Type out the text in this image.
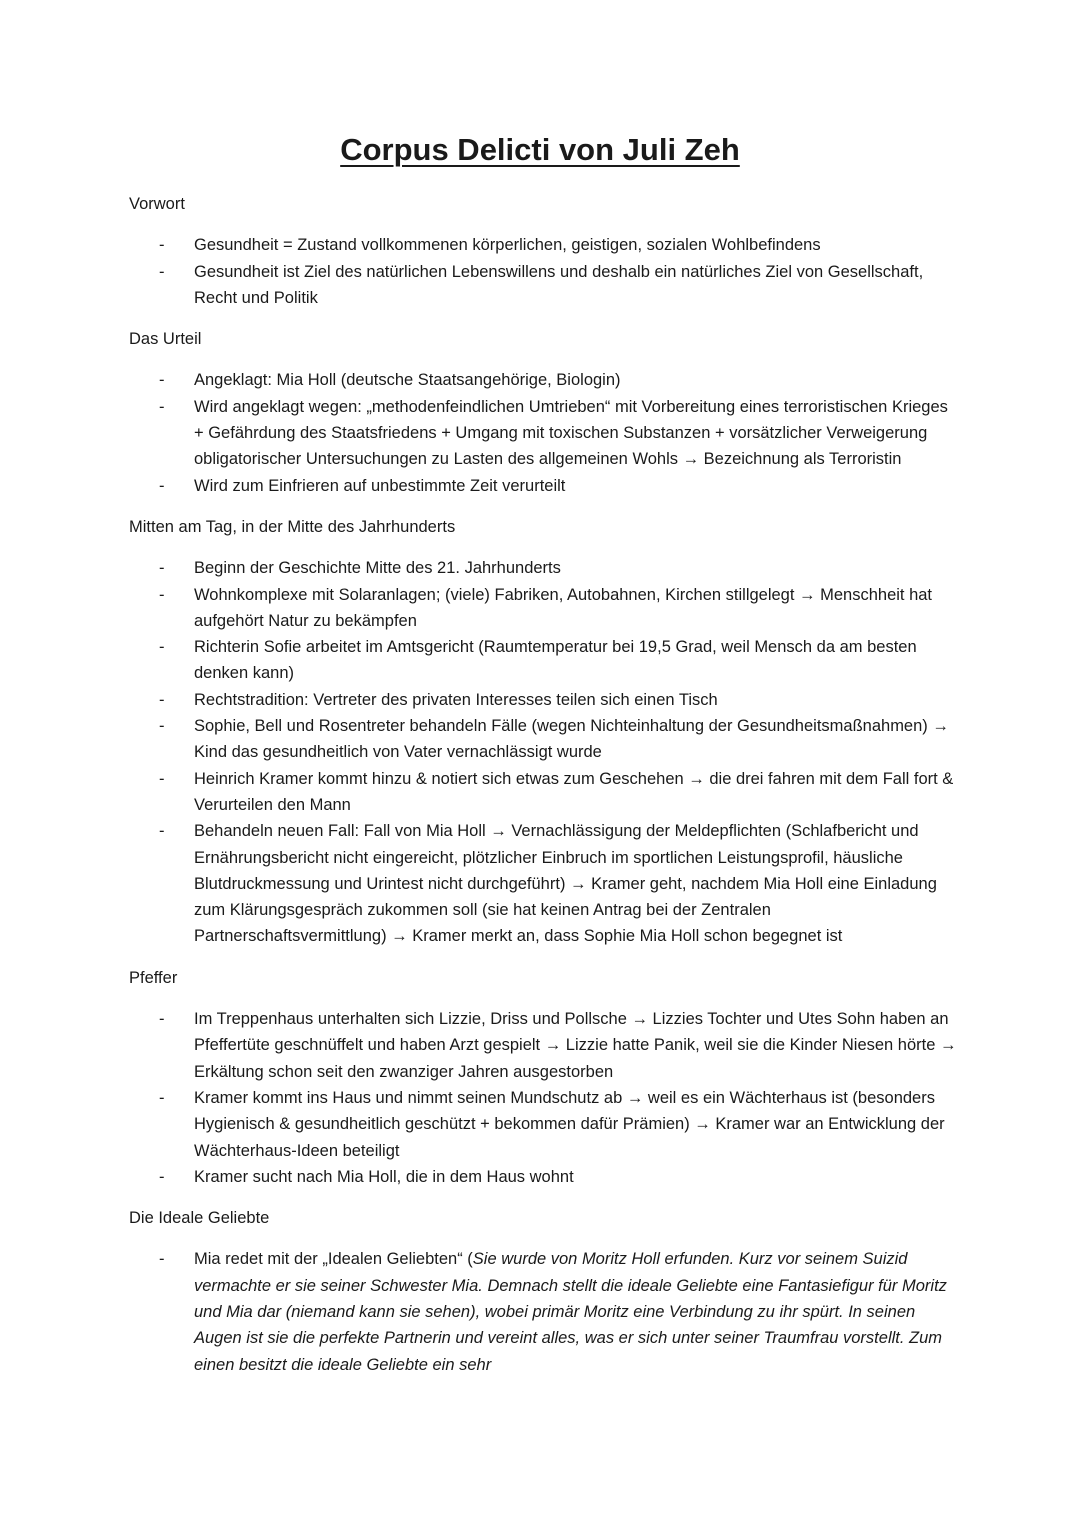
Corpus Delicti von Juli Zeh
Vorwort
- Gesundheit = Zustand vollkommenen körperlichen, geistigen, sozialen Wohlbefindens
- Gesundheit ist Ziel des natürlichen Lebenswillens und deshalb ein natürliches Ziel von Gesellschaft, Recht und Politik
Das Urteil
- Angeklagt: Mia Holl (deutsche Staatsangehörige, Biologin)
- Wird angeklagt wegen: „methodenfeindlichen Umtrieben“ mit Vorbereitung eines terroristischen Krieges + Gefährdung des Staatsfriedens + Umgang mit toxischen Substanzen + vorsätzlicher Verweigerung obligatorischer Untersuchungen zu Lasten des allgemeinen Wohls → Bezeichnung als Terroristin
- Wird zum Einfrieren auf unbestimmte Zeit verurteilt
Mitten am Tag, in der Mitte des Jahrhunderts
- Beginn der Geschichte Mitte des 21. Jahrhunderts
- Wohnkomplexe mit Solaranlagen; (viele) Fabriken, Autobahnen, Kirchen stillgelegt → Menschheit hat aufgehört Natur zu bekämpfen
- Richterin Sofie arbeitet im Amtsgericht (Raumtemperatur bei 19,5 Grad, weil Mensch da am besten denken kann)
- Rechtstradition: Vertreter des privaten Interesses teilen sich einen Tisch
- Sophie, Bell und Rosentreter behandeln Fälle (wegen Nichteinhaltung der Gesundheitsmaßnahmen) → Kind das gesundheitlich von Vater vernachlässigt wurde
- Heinrich Kramer kommt hinzu & notiert sich etwas zum Geschehen → die drei fahren mit dem Fall fort & Verurteilen den Mann
- Behandeln neuen Fall: Fall von Mia Holl → Vernachlässigung der Meldepflichten (Schlafbericht und Ernährungsbericht nicht eingereicht, plötzlicher Einbruch im sportlichen Leistungsprofil, häusliche Blutdruckmessung und Urintest nicht durchgeführt) → Kramer geht, nachdem Mia Holl eine Einladung zum Klärungsgespräch zukommen soll (sie hat keinen Antrag bei der Zentralen Partnerschaftsvermittlung) → Kramer merkt an, dass Sophie Mia Holl schon begegnet ist
Pfeffer
- Im Treppenhaus unterhalten sich Lizzie, Driss und Pollsche → Lizzies Tochter und Utes Sohn haben an Pfeffertüte geschnüffelt und haben Arzt gespielt → Lizzie hatte Panik, weil sie die Kinder Niesen hörte → Erkältung schon seit den zwanziger Jahren ausgestorben
- Kramer kommt ins Haus und nimmt seinen Mundschutz ab → weil es ein Wächterhaus ist (besonders Hygienisch & gesundheitlich geschützt + bekommen dafür Prämien) → Kramer war an Entwicklung der Wächterhaus-Ideen beteiligt
- Kramer sucht nach Mia Holl, die in dem Haus wohnt
Die Ideale Geliebte
- Mia redet mit der „Idealen Geliebten“ (Sie wurde von Moritz Holl erfunden. Kurz vor seinem Suizid vermachte er sie seiner Schwester Mia. Demnach stellt die ideale Geliebte eine Fantasiefigur für Moritz und Mia dar (niemand kann sie sehen), wobei primär Moritz eine Verbindung zu ihr spürt. In seinen Augen ist sie die perfekte Partnerin und vereint alles, was er sich unter seiner Traumfrau vorstellt. Zum einen besitzt die ideale Geliebte ein sehr
